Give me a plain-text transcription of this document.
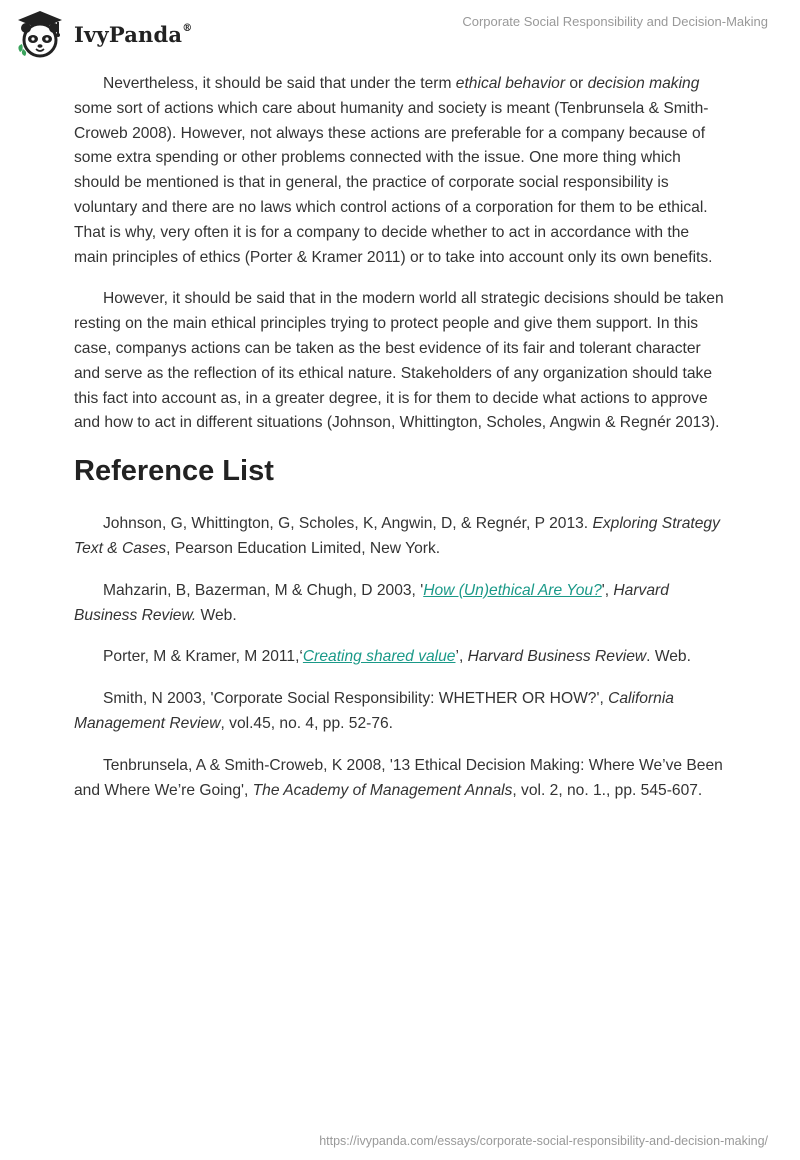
IvyPanda®	Corporate Social Responsibility and Decision-Making

Nevertheless, it should be said that under the term ethical behavior or decision making some sort of actions which care about humanity and society is meant (Tenbrunsela & Smith-Croweb 2008). However, not always these actions are preferable for a company because of some extra spending or other problems connected with the issue. One more thing which should be mentioned is that in general, the practice of corporate social responsibility is voluntary and there are no laws which control actions of a corporation for them to be ethical. That is why, very often it is for a company to decide whether to act in accordance with the main principles of ethics (Porter & Kramer 2011) or to take into account only its own benefits.

However, it should be said that in the modern world all strategic decisions should be taken resting on the main ethical principles trying to protect people and give them support. In this case, companys actions can be taken as the best evidence of its fair and tolerant character and serve as the reflection of its ethical nature. Stakeholders of any organization should take this fact into account as, in a greater degree, it is for them to decide what actions to approve and how to act in different situations (Johnson, Whittington, Scholes, Angwin & Regnér 2013).

Reference List

Johnson, G, Whittington, G, Scholes, K, Angwin, D, & Regnér, P 2013. Exploring Strategy Text & Cases, Pearson Education Limited, New York.

Mahzarin, B, Bazerman, M & Chugh, D 2003, 'How (Un)ethical Are You?', Harvard Business Review. Web.

Porter, M & Kramer, M 2011,‘Creating shared value’, Harvard Business Review. Web.

Smith, N 2003, 'Corporate Social Responsibility: WHETHER OR HOW?', California Management Review, vol.45, no. 4, pp. 52-76.

Tenbrunsela, A & Smith-Croweb, K 2008, '13 Ethical Decision Making: Where We’ve Been and Where We’re Going', The Academy of Management Annals, vol. 2, no. 1., pp. 545-607.

https://ivypanda.com/essays/corporate-social-responsibility-and-decision-making/
